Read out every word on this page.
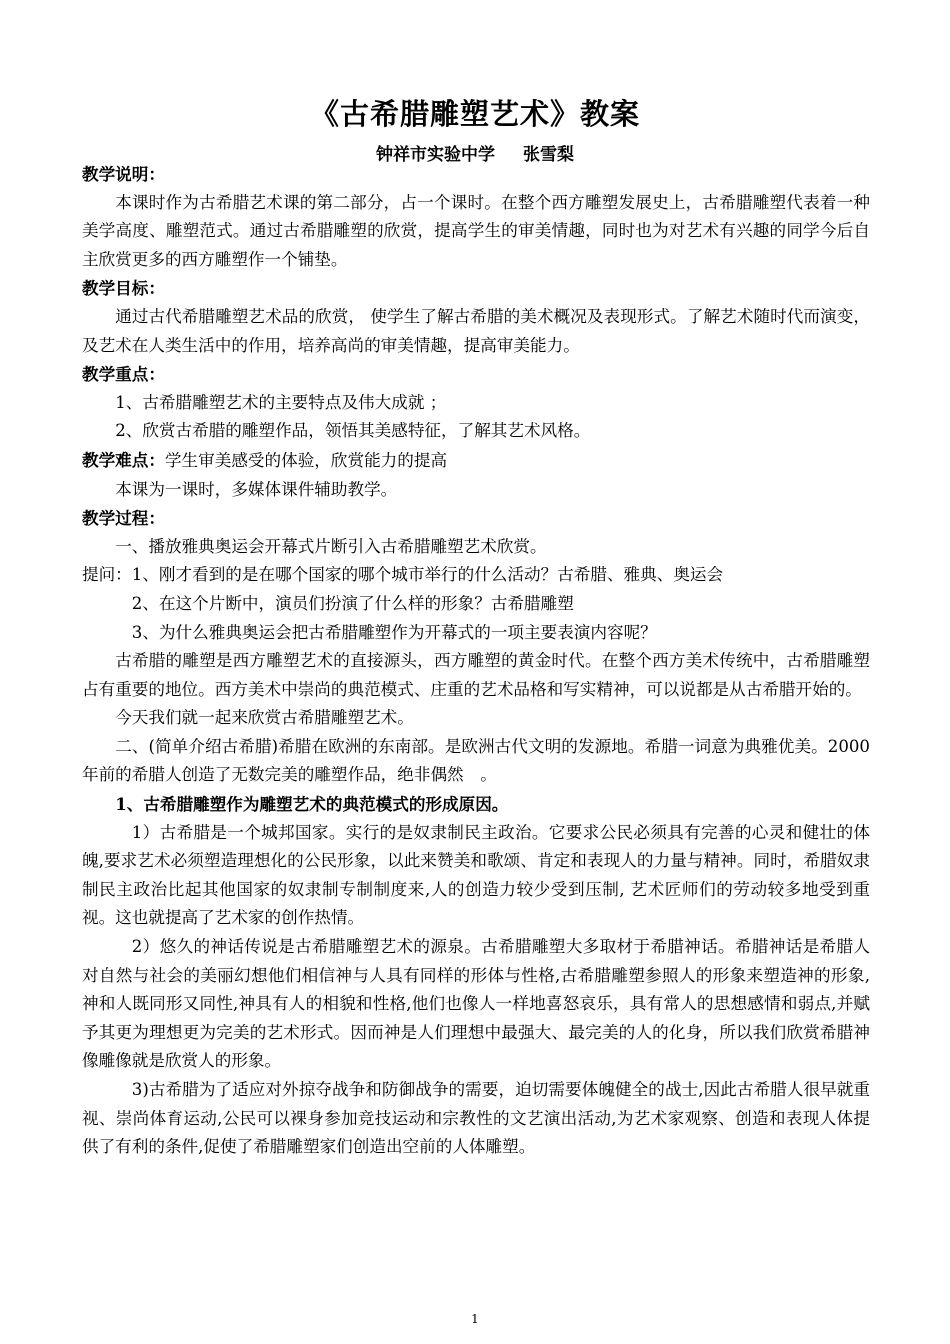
《古希腊雕塑艺术》教案
钟祥市实验中学 张雪梨

教学说明：

本课时作为古希腊艺术课的第二部分，占一个课时。在整个西方雕塑发展史上，古希腊雕塑代表着一种美学高度、雕塑范式。通过古希腊雕塑的欣赏，提高学生的审美情趣，同时也为对艺术有兴趣的同学今后自主欣赏更多的西方雕塑作一个铺垫。

教学目标：

通过古代希腊雕塑艺术品的欣赏， 使学生了解古希腊的美术概况及表现形式。了解艺术随时代而演变，及艺术在人类生活中的作用，培养高尚的审美情趣，提高审美能力。

教学重点：

1、古希腊雕塑艺术的主要特点及伟大成就 ；

2、欣赏古希腊的雕塑作品，领悟其美感特征，了解其艺术风格。

教学难点：学生审美感受的体验，欣赏能力的提高

本课为一课时，多媒体课件辅助教学。

教学过程：

一、播放雅典奥运会开幕式片断引入古希腊雕塑艺术欣赏。

提问：1、刚才看到的是在哪个国家的哪个城市举行的什么活动？古希腊、雅典、奥运会

2、在这个片断中，演员们扮演了什么样的形象？古希腊雕塑

3、为什么雅典奥运会把古希腊雕塑作为开幕式的一项主要表演内容呢？

古希腊的雕塑是西方雕塑艺术的直接源头，西方雕塑的黄金时代。在整个西方美术传统中，古希腊雕塑占有重要的地位。西方美术中崇尚的典范模式、庄重的艺术品格和写实精神，可以说都是从古希腊开始的。

今天我们就一起来欣赏古希腊雕塑艺术。

二、(简单介绍古希腊)希腊在欧洲的东南部。是欧洲古代文明的发源地。希腊一词意为典雅优美。2000年前的希腊人创造了无数完美的雕塑作品，绝非偶然　。

1、古希腊雕塑作为雕塑艺术的典范模式的形成原因。

1）古希腊是一个城邦国家。实行的是奴隶制民主政治。它要求公民必须具有完善的心灵和健壮的体魄,要求艺术必须塑造理想化的公民形象，以此来赞美和歌颂、肯定和表现人的力量与精神。同时，希腊奴隶制民主政治比起其他国家的奴隶制专制制度来,人的创造力较少受到压制, 艺术匠师们的劳动较多地受到重视。这也就提高了艺术家的创作热情。

2）悠久的神话传说是古希腊雕塑艺术的源泉。古希腊雕塑大多取材于希腊神话。希腊神话是希腊人对自然与社会的美丽幻想他们相信神与人具有同样的形体与性格,古希腊雕塑参照人的形象来塑造神的形象,神和人既同形又同性,神具有人的相貌和性格,他们也像人一样地喜怒哀乐，具有常人的思想感情和弱点,并赋予其更为理想更为完美的艺术形式。因而神是人们理想中最强大、最完美的人的化身，所以我们欣赏希腊神像雕像就是欣赏人的形象。

3)古希腊为了适应对外掠夺战争和防御战争的需要，迫切需要体魄健全的战士,因此古希腊人很早就重 视、崇尚体育运动,公民可以裸身参加竞技运动和宗教性的文艺演出活动,为艺术家观察、创造和表现人体提供了有利的条件,促使了希腊雕塑家们创造出空前的人体雕塑。

1
